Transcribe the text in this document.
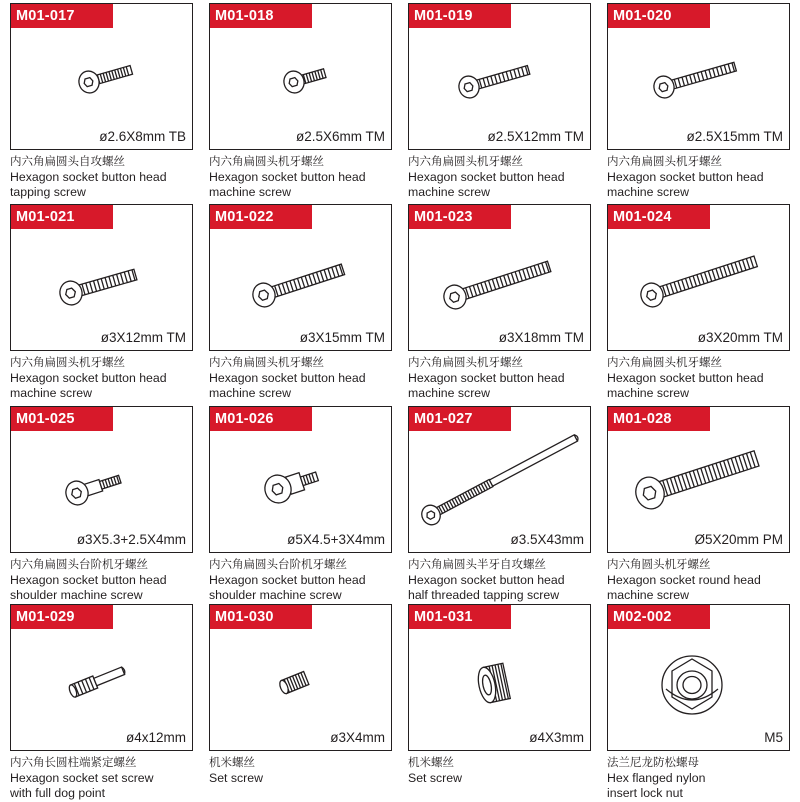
M01-017
ø2.6X8mm TB
内六角扁圆头自攻螺丝
Hexagon socket button head
tapping screw
M01-018
ø2.5X6mm TM
内六角扁圆头机牙螺丝
Hexagon socket button head
machine screw
M01-019
ø2.5X12mm TM
内六角扁圆头机牙螺丝
Hexagon socket button head
machine screw
M01-020
ø2.5X15mm TM
内六角扁圆头机牙螺丝
Hexagon socket button head
machine screw
M01-021
ø3X12mm TM
内六角扁圆头机牙螺丝
Hexagon socket button head
machine screw
M01-022
ø3X15mm TM
内六角扁圆头机牙螺丝
Hexagon socket button head
machine screw
M01-023
ø3X18mm TM
内六角扁圆头机牙螺丝
Hexagon socket button head
machine screw
M01-024
ø3X20mm TM
内六角扁圆头机牙螺丝
Hexagon socket button head
machine screw
M01-025
ø3X5.3+2.5X4mm
内六角扁圆头台阶机牙螺丝
Hexagon socket button head
shoulder machine screw
M01-026
ø5X4.5+3X4mm
内六角扁圆头台阶机牙螺丝
Hexagon socket button head
shoulder machine screw
M01-027
ø3.5X43mm
内六角扁圆头半牙自攻螺丝
Hexagon socket button head
half threaded tapping screw
M01-028
Ø5X20mm PM
内六角圆头机牙螺丝
Hexagon socket round head
machine screw
M01-029
ø4x12mm
内六角长圆柱端紧定螺丝
Hexagon socket set screw
with full dog point
M01-030
ø3X4mm
机米螺丝
Set screw
M01-031
ø4X3mm
机米螺丝
Set screw
M02-002
M5
法兰尼龙防松螺母
Hex flanged nylon
insert lock nut
